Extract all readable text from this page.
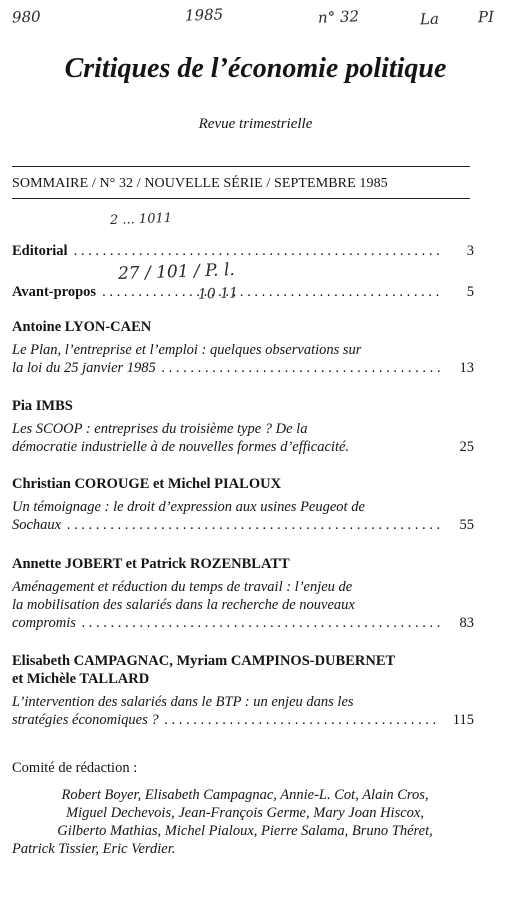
980	1985	n° 32	La	PI
Critiques de l’économie politique
Revue trimestrielle
SOMMAIRE / N° 32 / NOUVELLE SÉRIE / SEPTEMBRE 1985
2 ... 1011
27 / 101 / P. l.
10 11
Editorial . . .	3
Avant-propos . . .	5
Antoine LYON-CAEN
Le Plan, l’entreprise et l’emploi : quelques observations sur
la loi du 25 janvier 1985 . . .	13
Pia IMBS
Les SCOOP : entreprises du troisième type ? De la
démocratie industrielle à de nouvelles formes d’efficacité.	25
Christian COROUGE et Michel PIALOUX
Un témoignage : le droit d’expression aux usines Peugeot de
Sochaux . . .	55
Annette JOBERT et Patrick ROZENBLATT
Aménagement et réduction du temps de travail : l’enjeu de
la mobilisation des salariés dans la recherche de nouveaux
compromis . . .	83
Elisabeth CAMPAGNAC, Myriam CAMPINOS-DUBERNET
et Michèle TALLARD
L’intervention des salariés dans le BTP : un enjeu dans les
stratégies économiques ? . . .	115
Comité de rédaction :
Robert Boyer, Elisabeth Campagnac, Annie-L. Cot, Alain Cros,
Miguel Dechevois, Jean-François Germe, Mary Joan Hiscox,
Gilberto Mathias, Michel Pialoux, Pierre Salama, Bruno Théret,
Patrick Tissier, Eric Verdier.
